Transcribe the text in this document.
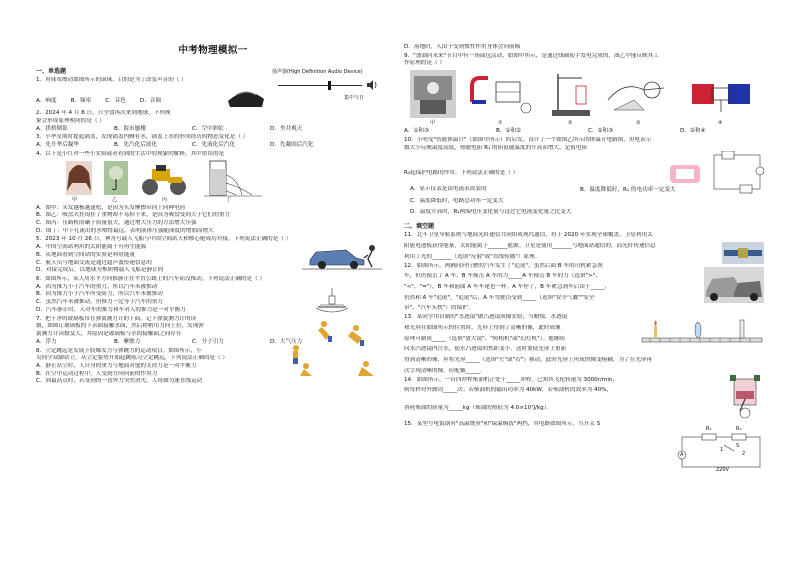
中考物理模拟一
一、单选题
1．用抹布擦动如图所示的滚珠，目的是为了改变声音的（ ）
A．响度	B．频率	C．音色	D．音调
扬声器(High Definition Audio Device)
集中与日
2．2024 年 4 月 8 日，日全食再次来到地球。下列现
象会形成原理相同的是（ ）
A．拱桥倒影	B．海市蜃楼	C．空中彩虹	D．坐井观天
3．小华星期时提起锅盖，发现锅盖内侧有水，锅盖上水的形成经历的物态变化是（ ）
A．先升华后凝华	B．先汽化后液化	C．先液化后汽化	D．先凝固后汽化
4．以下是小红对一些小实验或者看到的生活中的现象的解释，其中错误的是
甲	乙	丙	丁
A．图甲：头发越梳越蓬松，是因为头发摩擦带同上同种电荷
B．图乙：吸盘式挂钩挂了重物却不易掉下来，是因为吸盘受到大于它们的重力
C．图丙：压路机的碾子质量很大，通过增大压力的方法增大压强
D．图丁：中下孔流出的水喷得最远，表明液体压强随深度的增加而增大
5．2023 年 10 月 26 日，神舟号载人飞船与中国空间站天和核心舱成功对接，下列说法正确的是（ ）
A．中国空间站利用的太阳能属于可再生能源
B．从地面看到空间站的实验是利用能量
C．航天员与地面交流是通过超声波传递信息的
D．对接完成后，以地球为参照物载人飞船是静止的
6．如图所示，某人用水平方向推静止在平直公路上的汽车而没推动。下列说法正确的是（ ）
A．因为推力小于汽车的重力，所以汽车未被推动
B．因为推力小于汽车所受阻力，所以汽车未被推动
C．虽然汽车未被推动，但推力一定等于汽车的重力
D．汽车静止时，人对车的推力和车对人的推力是一对平衡力
7．把干净的玻璃板吊在弹簧测力计的下面，记下弹簧测力计的读
数，如图让玻璃板的下表面接触水面，然后稍稍用力向上拉，发现弹
簧测力计读数变大，其原因是玻璃板与水的接触面之间存在
A．浮力	B．摩擦力	C．分子引力	D．大气压力
8．立定跳远是发展下肢爆发力与弹跳力的运动项目。如图所示，小
吴同学双脚站立，从立定姿势开始起跳练习立定跳远，下列说法正确的是（ ）
A．静止站立时，人自身的重力与地面对他的支持力是一对平衡力
B．在空中运动过程中，人受到方向向前的作用力
C．到最高点时，若受到的一切外力突然消失，人将做匀速直线运动
D．落地时，人由于受到惯性作用身体会向前倾
9．"加油向未来"节目中有一场面包活动，如图甲所示，是通过线圈使手发电完成的，图乙中能反映其工
作原理的是（ ）
甲	①	②	③	④
A．①和③	B．①和②	C．②和③	D．②和④
10．小明受"智能体温计"（如图甲所示）的启发，设计了一个如图乙所示的体温计电路图，用电表示
数大小反映温度高低，热敏电阻 R₁ 的阻值随温度的升高而增大，定值电阻
R₂起保护电路的作用。下列说法正确的是（ ）
A．显示仪表是由电流表改装的
C．温度降低时，电路总功率一定变大
D．温度升高时，R₁两端电压变化量与这过它电流变化量之比变大
B．温度降低时，R₁ 的电功率一定变大
二、填空题
11．北斗卫星导航系统与地面光纤通信共同组成现代通信，将于 2020 年实现全球覆盖。卫星利用太
阳能电池板获得能量，太阳能属于_______能源。卫星是使用_______与地面站通信的，而光纤传递信息
利用了光的_______（选填"反射"或"直线传播"）原理。
12．如图所示，两辆同向行驶的汽车发生了"追尾"。虽然后面 B 车的司机紧急刹
车，但仍撞击了 A 车，B 车撞击 A 车的力_____A 车撞击 B 车的力（选填">"、
"<"、"="），B 车和前面 A 车车尾也一样。A 车停了，B 车紧急刹车后由于_____，
仍然和 A 车"追尾"，"追尾"后，A 车驾驶员受到_____（选填"安全气囊""安全
带"、"汽车头枕"）的保护。
13．某同学用自制的"水透镜"做凸透镜成像实验，当蜡烛、水透镜
和光屏在如图所示的位置时，光屏上得到了清晰的像，此时成像
原理可制成_____（选填"放大镜"、"照相机"或"幻灯机"）。他继续
向水凸透镜内注水，使水凸透镜的焦距变小，这时要使光屏上重新
得到清晰的像，应将光屏_____（选填"左"或"右"）移动，此时光屏上所成的像变模糊，为了在光屏再
次呈现清晰的像，应配戴_____。
14．如图所示，一台四冲程柴油机正处于_____冲程。已知其飞轮转速为 3000r/min，
则每秒对外做功_____次；若柴油机的输出功率为 40kW，若柴油机的效率为 40%，
消耗柴油的质量为_____kg（柴油的热值为 4.0×10⁷J/kg）。
15．某型号电饭锅有"高温烧煮"和"保温焖饭"两挡，其电路如图所示。当开关 S
R₁	R₀
S
1
2
220V
A
